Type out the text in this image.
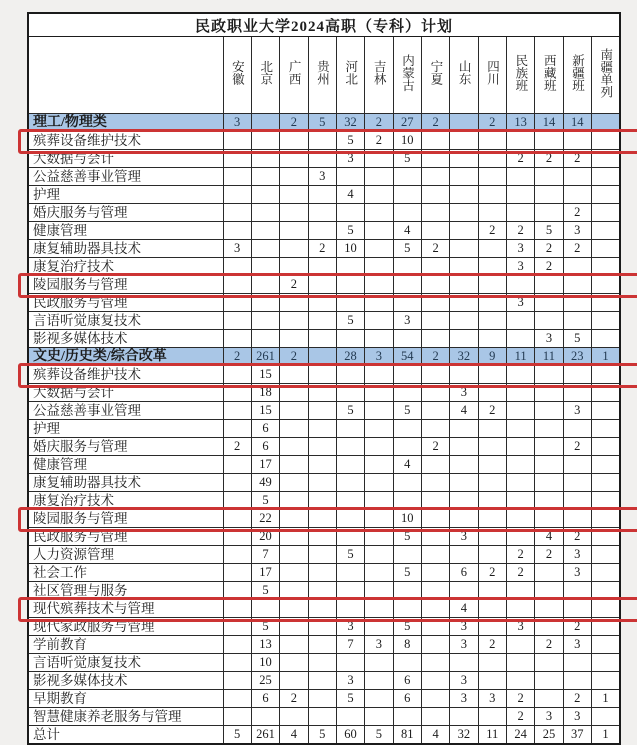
民政职业大学2024高职（专科）计划														
	安徽	北京	广西	贵州	河北	吉林	内蒙古	宁夏	山东	四川	民族班	西藏班	新疆班	南疆单列
理工/物理类	3		2	5	32	2	27	2		2	13	14	14	
殡葬设备维护技术					5	2	10							
大数据与会计					3		5				2	2	2	
公益慈善事业管理				3										
护理					4									
婚庆服务与管理													2	
健康管理					5		4			2	2	5	3	
康复辅助器具技术	3			2	10		5	2			3	2	2	
康复治疗技术											3	2		
陵园服务与管理			2											
民政服务与管理											3			
言语听觉康复技术					5		3							
影视多媒体技术												3	5	
文史/历史类/综合改革	2	261	2		28	3	54	2	32	9	11	11	23	1
殡葬设备维护技术		15												
大数据与会计		18							3					
公益慈善事业管理		15			5		5		4	2			3	
护理		6												
婚庆服务与管理	2	6						2					2	
健康管理		17					4							
康复辅助器具技术		49												
康复治疗技术		5												
陵园服务与管理		22					10							
民政服务与管理		20					5		3			4	2	
人力资源管理		7			5						2	2	3	
社会工作		17					5		6	2	2		3	
社区管理与服务		5												
现代殡葬技术与管理									4					
现代家政服务与管理		5			3		5		3		3		2	
学前教育		13			7	3	8		3	2		2	3	
言语听觉康复技术		10												
影视多媒体技术		25			3		6		3					
早期教育		6	2		5		6		3	3	2		2	1
智慧健康养老服务与管理											2	3	3	
总计	5	261	4	5	60	5	81	4	32	11	24	25	37	1
